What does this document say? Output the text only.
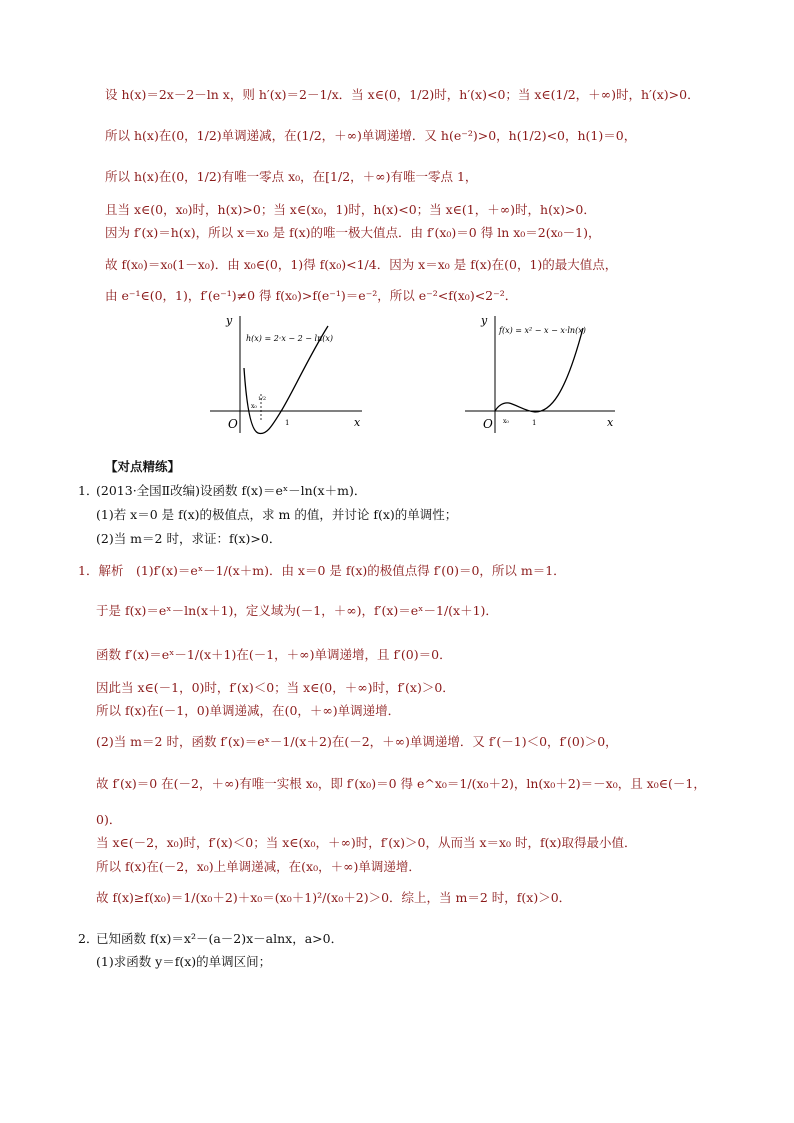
设 h(x)＝2x－2－ln x，则 h′(x)＝2－1/x．当 x∈(0，1/2)时，h′(x)<0；当 x∈(1/2，＋∞)时，h′(x)>0．
所以 h(x)在(0，1/2)单调递减，在(1/2，＋∞)单调递增．又 h(e⁻²)>0，h(1/2)<0，h(1)＝0，
所以 h(x)在(0，1/2)有唯一零点 x₀，在[1/2，＋∞)有唯一零点 1，
且当 x∈(0，x₀)时，h(x)>0；当 x∈(x₀，1)时，h(x)<0；当 x∈(1，＋∞)时，h(x)>0．
因为 f′(x)＝h(x)，所以 x＝x₀ 是 f(x)的唯一极大值点．由 f′(x₀)＝0 得 ln x₀＝2(x₀－1)，
故 f(x₀)＝x₀(1－x₀)．由 x₀∈(0，1)得 f(x₀)<1/4．因为 x＝x₀ 是 f(x)在(0，1)的最大值点，
由 e⁻¹∈(0，1)，f′(e⁻¹)≠0 得 f(x₀)>f(e⁻¹)＝e⁻²，所以 e⁻²<f(x₀)<2⁻²．
y
x
O
h(x) = 2·x − 2 − ln(x)
1/2
x₀
1
y
x
O
f(x) = x² − x − x·ln(x)
x₀	1
【对点精练】
1．
(2013·全国Ⅱ改编)设函数 f(x)＝eˣ－ln(x＋m)．
(1)若 x＝0 是 f(x)的极值点，求 m 的值，并讨论 f(x)的单调性；
(2)当 m＝2 时，求证：f(x)>0．
1．解析　(1)f′(x)＝eˣ－1/(x＋m)．由 x＝0 是 f(x)的极值点得 f′(0)＝0，所以 m＝1．
于是 f(x)＝eˣ－ln(x＋1)，定义域为(－1，＋∞)，f′(x)＝eˣ－1/(x＋1)．
函数 f′(x)＝eˣ－1/(x＋1)在(－1，＋∞)单调递增，且 f′(0)＝0．
因此当 x∈(－1，0)时，f′(x)＜0；当 x∈(0，＋∞)时，f′(x)＞0．
所以 f(x)在(－1，0)单调递减，在(0，＋∞)单调递增．
(2)当 m＝2 时，函数 f′(x)＝eˣ－1/(x＋2)在(－2，＋∞)单调递增．又 f′(－1)＜0，f′(0)＞0，
故 f′(x)＝0 在(－2，＋∞)有唯一实根 x₀，即 f′(x₀)＝0 得 e^x₀＝1/(x₀＋2)，ln(x₀＋2)＝－x₀，且 x₀∈(－1，
0)．
当 x∈(－2，x₀)时，f′(x)＜0；当 x∈(x₀，＋∞)时，f′(x)＞0，从而当 x＝x₀ 时，f(x)取得最小值．
所以 f(x)在(－2，x₀)上单调递减，在(x₀，＋∞)单调递增．
故 f(x)≥f(x₀)＝1/(x₀＋2)＋x₀＝(x₀＋1)²/(x₀＋2)＞0．综上，当 m＝2 时，f(x)＞0．
2．
已知函数 f(x)＝x²－(a－2)x－alnx，a>0．
(1)求函数 y＝f(x)的单调区间；
